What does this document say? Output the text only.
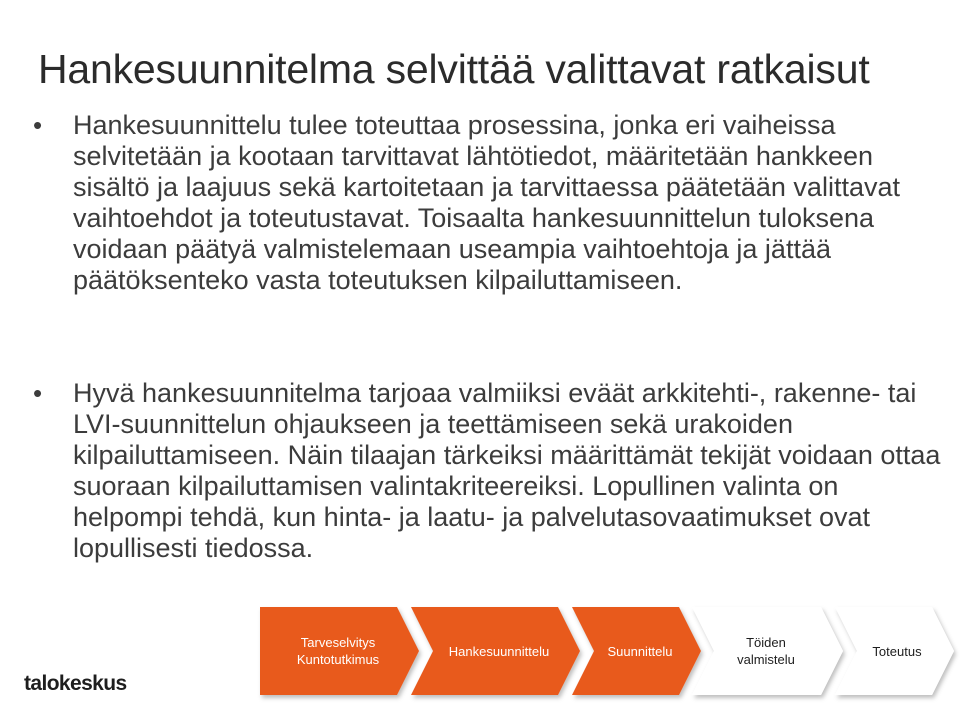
Hankesuunnitelma selvittää valittavat ratkaisut
• Hankesuunnittelu tulee toteuttaa prosessina, jonka eri vaiheissa selvitetään ja kootaan tarvittavat lähtötiedot, määritetään hankkeen sisältö ja laajuus sekä kartoitetaan ja tarvittaessa päätetään valittavat vaihtoehdot ja toteutustavat. Toisaalta hankesuunnittelun tuloksena voidaan päätyä valmistelemaan useampia vaihtoehtoja ja jättää päätöksenteko vasta toteutuksen kilpailuttamiseen.
• Hyvä hankesuunnitelma tarjoaa valmiiksi eväät arkkitehti-, rakenne- tai LVI-suunnittelun ohjaukseen ja teettämiseen sekä urakoiden kilpailuttamiseen. Näin tilaajan tärkeiksi määrittämät tekijät voidaan ottaa suoraan kilpailuttamisen valintakriteereiksi. Lopullinen valinta on helpompi tehdä, kun hinta- ja laatu- ja palvelutasovaatimukset ovat lopullisesti tiedossa.
Tarveselvitys
Kuntotutkimus
Hankesuunnittelu	Suunnittelu
Töiden
valmistelu
Toteutus
talokeskus
